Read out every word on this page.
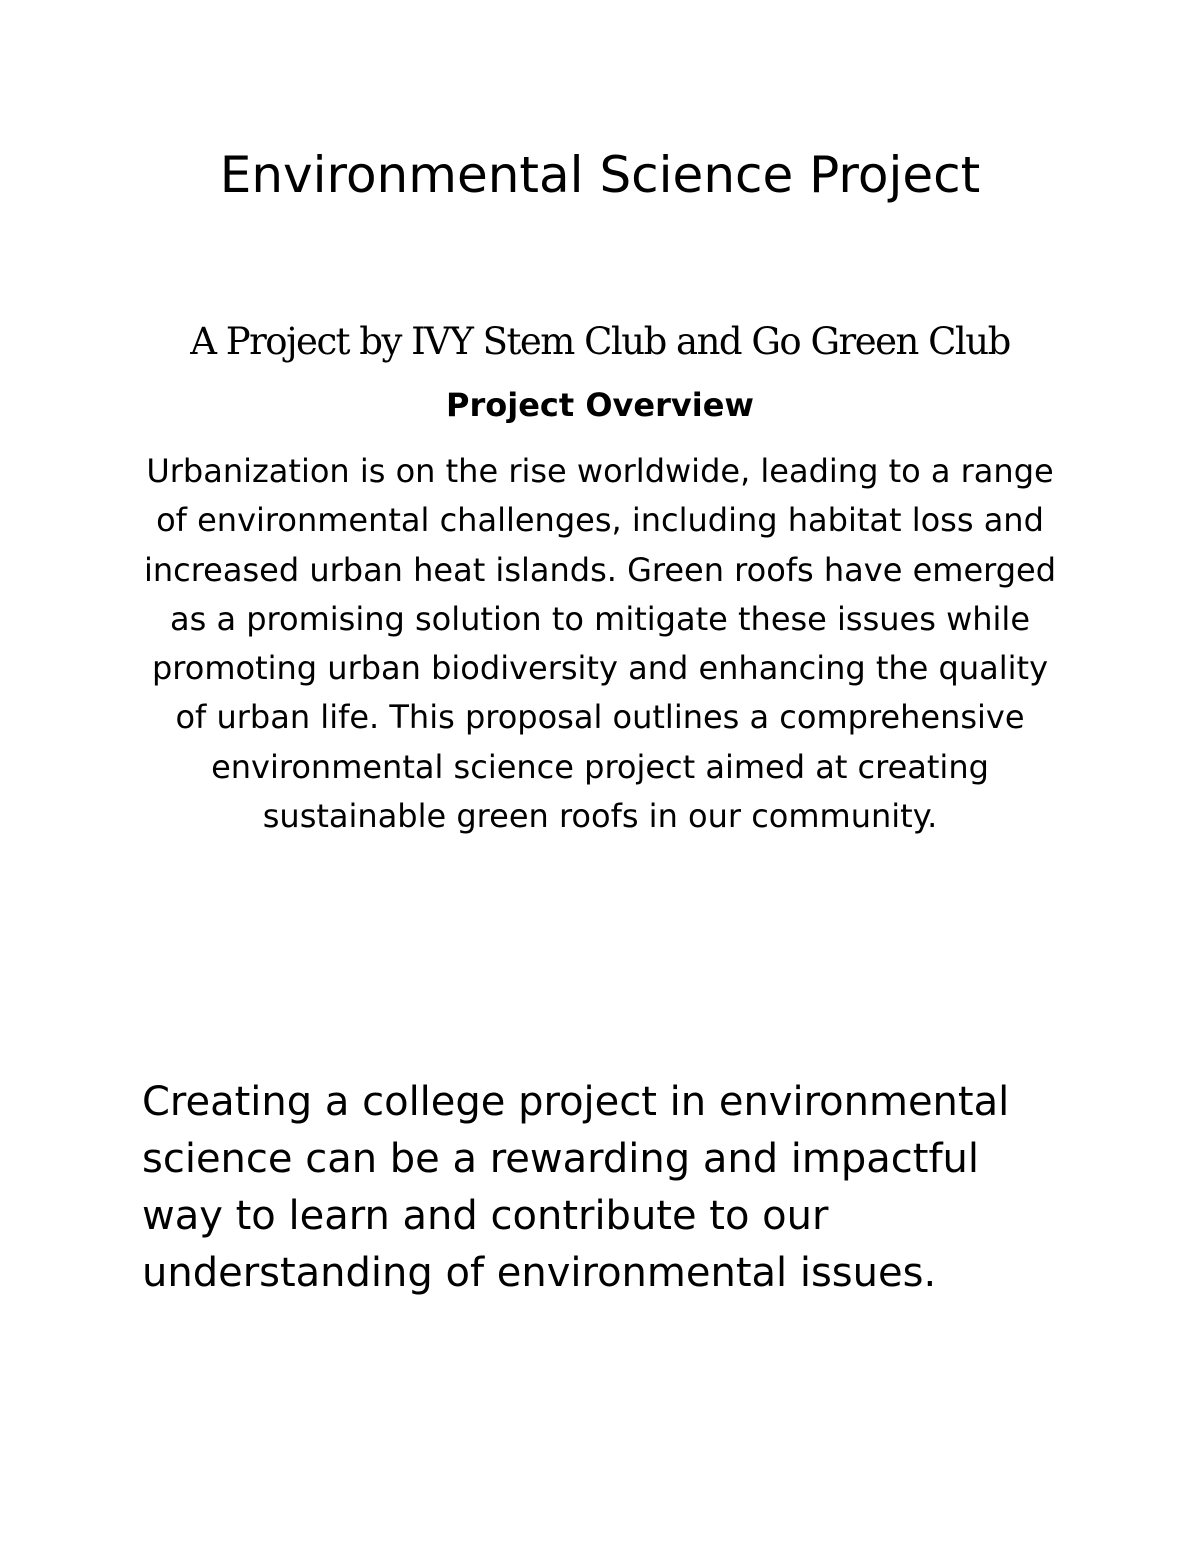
Environmental Science Project
A Project by IVY Stem Club and Go Green Club
Project Overview
Urbanization is on the rise worldwide, leading to a range of environmental challenges, including habitat loss and increased urban heat islands. Green roofs have emerged as a promising solution to mitigate these issues while promoting urban biodiversity and enhancing the quality of urban life. This proposal outlines a comprehensive environmental science project aimed at creating sustainable green roofs in our community.
Creating a college project in environmental science can be a rewarding and impactful way to learn and contribute to our understanding of environmental issues.
